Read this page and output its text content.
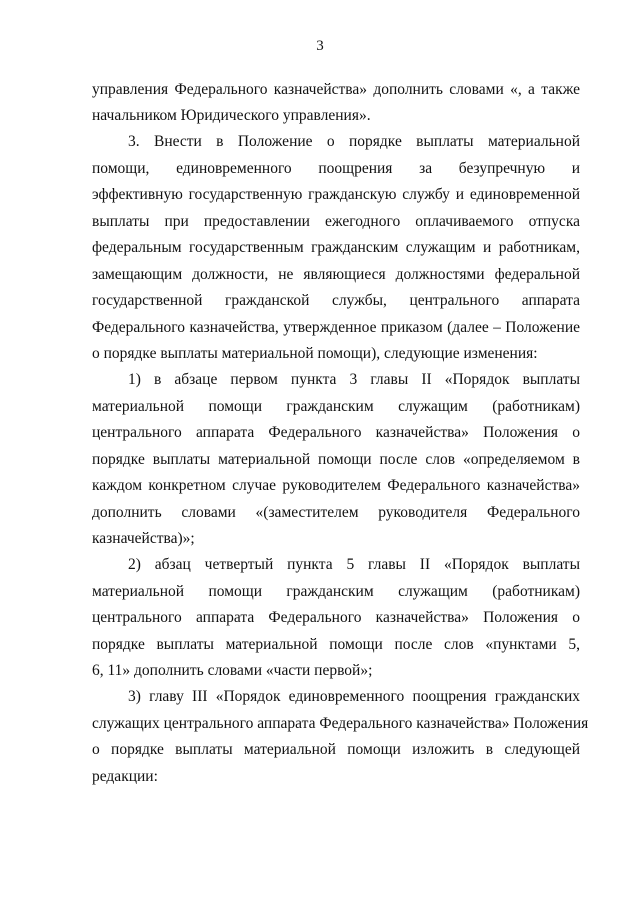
3
управления Федерального казначейства» дополнить словами «, а также
начальником Юридического управления».
3. Внести в Положение о порядке выплаты материальной
помощи, единовременного поощрения за безупречную и
эффективную государственную гражданскую службу и единовременной
выплаты при предоставлении ежегодного оплачиваемого отпуска
федеральным государственным гражданским служащим и работникам,
замещающим должности, не являющиеся должностями федеральной
государственной гражданской службы, центрального аппарата
Федерального казначейства, утвержденное приказом (далее – Положение
о порядке выплаты материальной помощи), следующие изменения:
1) в абзаце первом пункта 3 главы II «Порядок выплаты
материальной помощи гражданским служащим (работникам)
центрального аппарата Федерального казначейства» Положения о
порядке выплаты материальной помощи после слов «определяемом в
каждом конкретном случае руководителем Федерального казначейства»
дополнить словами «(заместителем руководителя Федерального
казначейства)»;
2) абзац четвертый пункта 5 главы II «Порядок выплаты
материальной помощи гражданским служащим (работникам)
центрального аппарата Федерального казначейства» Положения о
порядке выплаты материальной помощи после слов «пунктами 5,
6, 11» дополнить словами «части первой»;
3) главу III «Порядок единовременного поощрения гражданских
служащих центрального аппарата Федерального казначейства» Положения
о порядке выплаты материальной помощи изложить в следующей
редакции:
